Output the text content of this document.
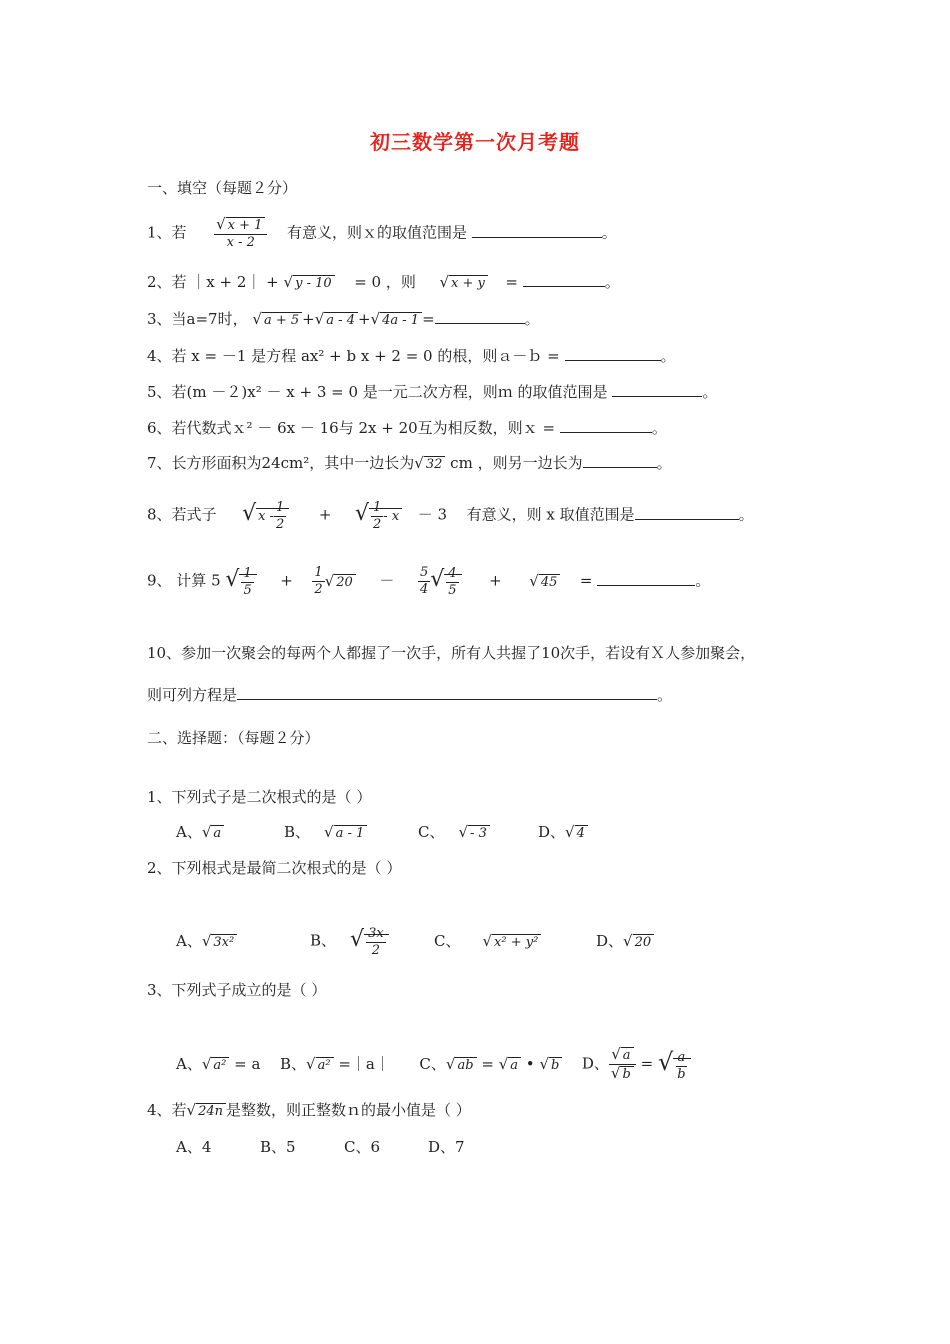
初三数学第一次月考题
一、填空（每题２分）
1、若 $\frac{√ x + 1}{x - 2}$ 有意义，则ｘ的取值范围是	。
2、若 ｜x + 2｜ + √ y - 10 = 0 ，则 √ x + y =	。
3、当a=7时， √ a + 5 +√ a - 4 +√ 4a - 1 =	。
4、若 x = －1 是方程 ax² + b x + 2 = 0 的根，则ａ－ｂ =	。
5、若(m －２)x² － x + 3 = 0 是一元二次方程，则ｍ 的取值范围是	。
6、若代数式ｘ² － 6x － 16与 2x + 20互为相反数，则ｘ =	。
7、长方形面积为24cm²，其中一边长为√ 32 cm ，则另一边长为	。
8、若式子 √ x - $\frac{1}{2}$ + √ $\frac{1}{2} - x - 3$ 有意义，则 x 取值范围是	。
9、 计算 5 √ $\frac{1}{5} + \frac{1}{2}$ √ $20 - \frac{5}{4}$ √ $\frac{4}{5}$ + √ 45 =	。
10、参加一次聚会的每两个人都握了一次手，所有人共握了10次手，若设有Ｘ人参加聚会，
则可列方程是	。
二、选择题：（每题２分）
1、下列式子是二次根式的是（ ）
A、√ a	B、 √ a - 1	C、 √ - 3	D、√ 4
2、下列根式是最简二次根式的是（ ）
A、√ 3x²	B、 √ $\frac{3x}{2}$	C、 √ x² + y²	D、√ 20
3、下列式子成立的是（ ）
A、√ a² = a B、√ a² =｜a｜ C、√ ab = √ a • √ b D、 $\frac{√ a}{√ b}$ = √ $\frac{a}{b}$
4、若√ 24n 是整数，则正整数ｎ的最小值是（ ）
A、4	B、5	C、6	D、7
